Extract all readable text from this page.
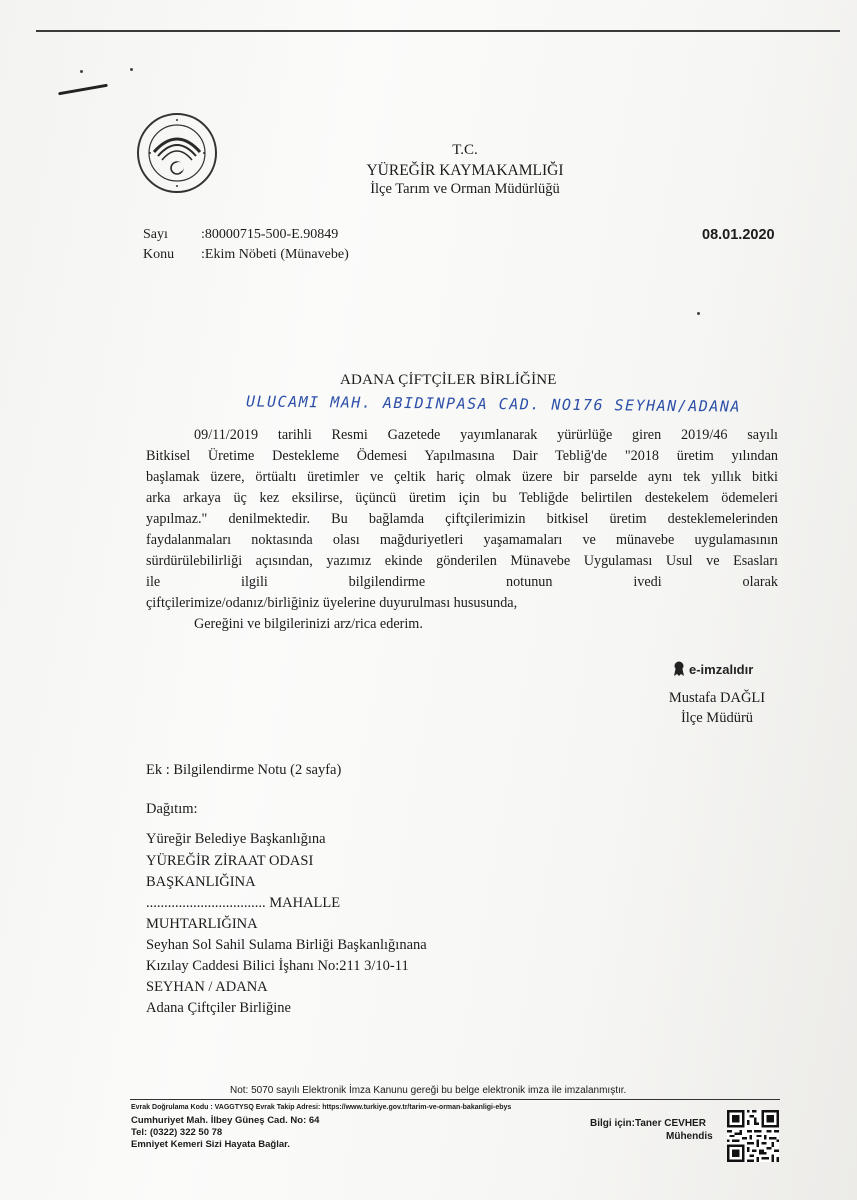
T.C.
YÜREĞİR KAYMAKAMLIĞI
İlçe Tarım ve Orman Müdürlüğü
Sayı :80000715-500-E.90849
Konu :Ekim Nöbeti (Münavebe)
08.01.2020
ADANA ÇİFTÇİLER BİRLİĞİNE
ULUCAMI MAH. ABIDINPASA CAD. NO176 SEYHAN/ADANA
09/11/2019 tarihli Resmi Gazetede yayımlanarak yürürlüğe giren 2019/46 sayılı
Bitkisel Üretime Destekleme Ödemesi Yapılmasına Dair Tebliğ'de "2018 üretim yılından
başlamak üzere, örtüaltı üretimler ve çeltik hariç olmak üzere bir parselde aynı tek yıllık bitki
arka arkaya üç kez eksilirse, üçüncü üretim için bu Tebliğde belirtilen destekelem ödemeleri
yapılmaz." denilmektedir. Bu bağlamda çiftçilerimizin bitkisel üretim desteklemelerinden
faydalanmaları noktasında olası mağduriyetleri yaşamamaları ve münavebe uygulamasının
sürdürülebilirliği açısından, yazımız ekinde gönderilen Münavebe Uygulaması Usul ve Esasları
ile ilgili bilgilendirme notunun ivedi olarak
çiftçilerimize/odanız/birliğiniz üyelerine duyurulması hususunda,
Gereğini ve bilgilerinizi arz/rica ederim.
e-imzalıdır
Mustafa DAĞLI
İlçe Müdürü
Ek : Bilgilendirme Notu (2 sayfa)
Dağıtım:
Yüreğir Belediye Başkanlığına
YÜREĞİR ZİRAAT ODASI
BAŞKANLIĞINA
................................. MAHALLE
MUHTARLIĞINA
Seyhan Sol Sahil Sulama Birliği Başkanlığınana
Kızılay Caddesi Bilici İşhanı No:211 3/10-11
SEYHAN / ADANA
Adana Çiftçiler Birliğine
Not: 5070 sayılı Elektronik İmza Kanunu gereği bu belge elektronik imza ile imzalanmıştır.
Evrak Doğrulama Kodu : VAGGTYSQ Evrak Takip Adresi: https://www.turkiye.gov.tr/tarim-ve-orman-bakanligi-ebys
Cumhuriyet Mah. İlbey Güneş Cad. No: 64
Tel: (0322) 322 50 78
Emniyet Kemeri Sizi Hayata Bağlar.
Bilgi için:Taner CEVHER
Mühendis
